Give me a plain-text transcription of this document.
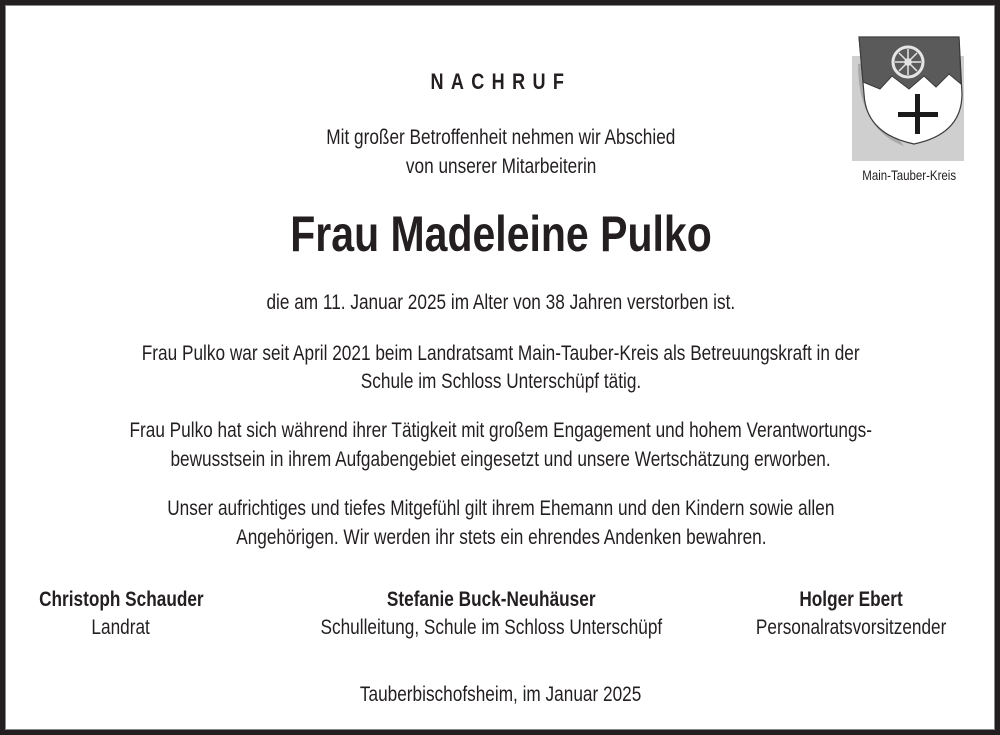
NACHRUF
Mit großer Betroffenheit nehmen wir Abschied
von unserer Mitarbeiterin
Frau Madeleine Pulko
die am 11. Januar 2025 im Alter von 38 Jahren verstorben ist.
Frau Pulko war seit April 2021 beim Landratsamt Main-Tauber-Kreis als Betreuungskraft in der
Schule im Schloss Unterschüpf tätig.
Frau Pulko hat sich während ihrer Tätigkeit mit großem Engagement und hohem Verantwortungs-
bewusstsein in ihrem Aufgabengebiet eingesetzt und unsere Wertschätzung erworben.
Unser aufrichtiges und tiefes Mitgefühl gilt ihrem Ehemann und den Kindern sowie allen
Angehörigen. Wir werden ihr stets ein ehrendes Andenken bewahren.
Christoph Schauder
Landrat
Stefanie Buck-Neuhäuser
Schulleitung, Schule im Schloss Unterschüpf
Holger Ebert
Personalratsvorsitzender
Tauberbischofsheim, im Januar 2025
Main-Tauber-Kreis
